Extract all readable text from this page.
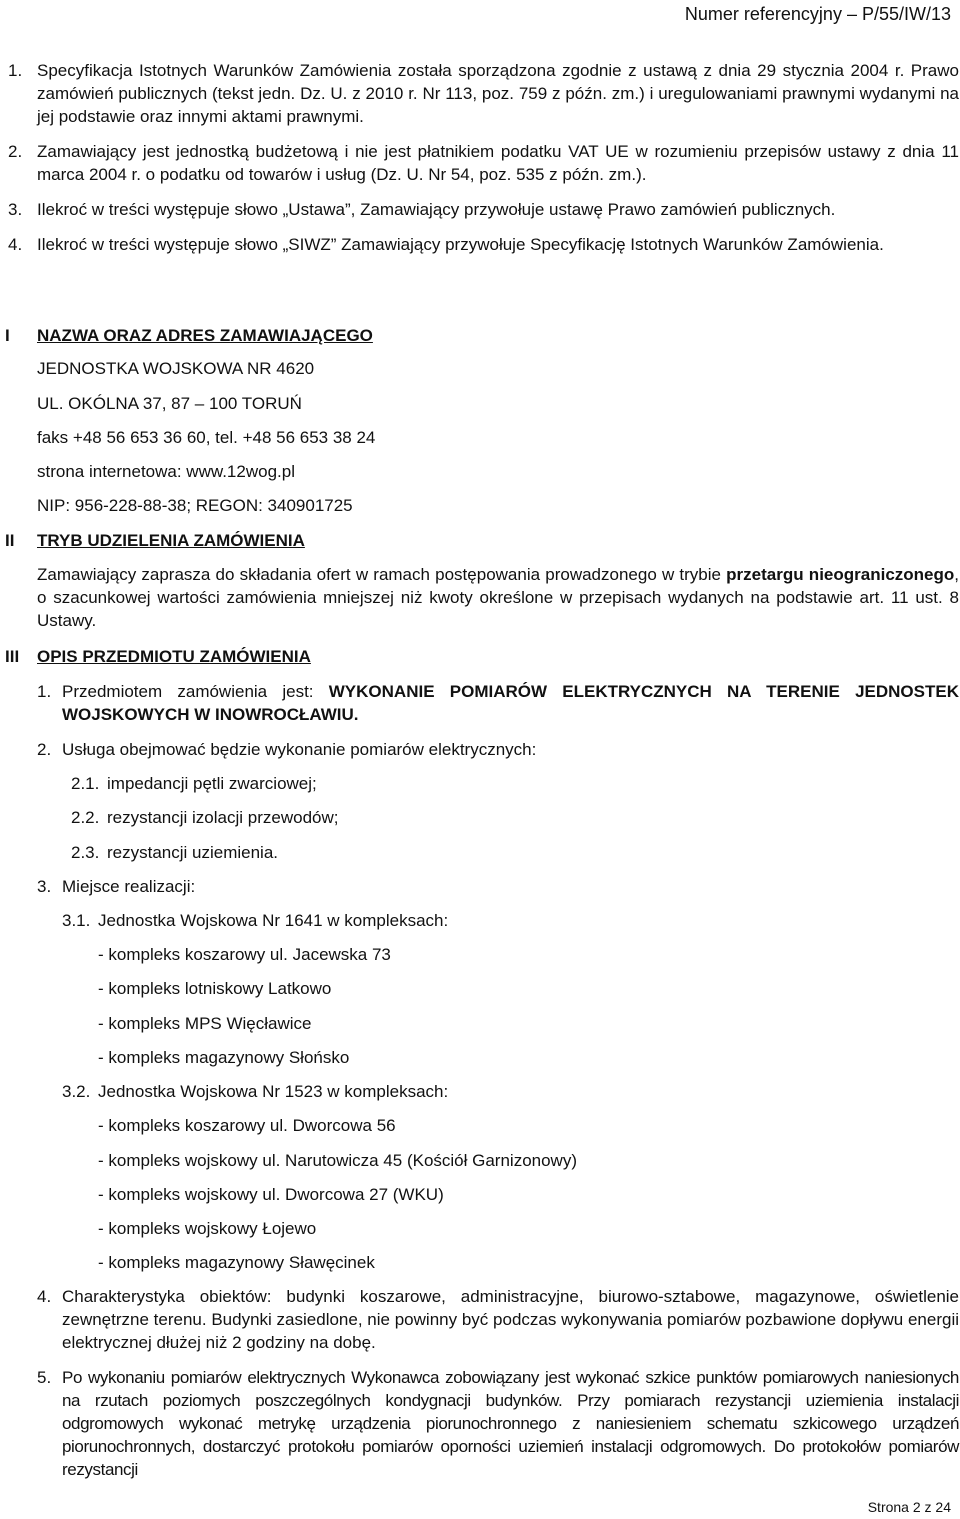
Numer referencyjny – P/55/IW/13
1. Specyfikacja Istotnych Warunków Zamówienia została sporządzona zgodnie z ustawą z dnia 29 stycznia 2004 r. Prawo zamówień publicznych (tekst jedn. Dz. U. z 2010 r. Nr 113, poz. 759 z późn. zm.) i uregulowaniami prawnymi wydanymi na jej podstawie oraz innymi aktami prawnymi.
2. Zamawiający jest jednostką budżetową i nie jest płatnikiem podatku VAT UE w rozumieniu przepisów ustawy z dnia 11 marca 2004 r. o podatku od towarów i usług (Dz. U. Nr 54, poz. 535 z późn. zm.).
3. Ilekroć w treści występuje słowo „Ustawa”, Zamawiający przywołuje ustawę Prawo zamówień publicznych.
4. Ilekroć w treści występuje słowo „SIWZ” Zamawiający przywołuje Specyfikację Istotnych Warunków Zamówienia.
I NAZWA ORAZ ADRES ZAMAWIAJĄCEGO
JEDNOSTKA WOJSKOWA NR 4620
UL. OKÓLNA 37, 87 – 100 TORUŃ
faks +48 56 653 36 60, tel. +48 56 653 38 24
strona internetowa: www.12wog.pl
NIP: 956-228-88-38; REGON: 340901725
II TRYB UDZIELENIA ZAMÓWIENIA
Zamawiający zaprasza do składania ofert w ramach postępowania prowadzonego w trybie przetargu nieograniczonego, o szacunkowej wartości zamówienia mniejszej niż kwoty określone w przepisach wydanych na podstawie art. 11 ust. 8 Ustawy.
III OPIS PRZEDMIOTU ZAMÓWIENIA
1. Przedmiotem zamówienia jest: WYKONANIE POMIARÓW ELEKTRYCZNYCH NA TERENIE JEDNOSTEK WOJSKOWYCH W INOWROCŁAWIU.
2. Usługa obejmować będzie wykonanie pomiarów elektrycznych:
2.1. impedancji pętli zwarciowej;
2.2. rezystancji izolacji przewodów;
2.3. rezystancji uziemienia.
3. Miejsce realizacji:
3.1. Jednostka Wojskowa Nr 1641 w kompleksach:
- kompleks koszarowy ul. Jacewska 73
- kompleks lotniskowy Latkowo
- kompleks MPS Więcławice
- kompleks magazynowy Słońsko
3.2. Jednostka Wojskowa Nr 1523 w kompleksach:
- kompleks koszarowy ul. Dworcowa 56
- kompleks wojskowy ul. Narutowicza 45 (Kościół Garnizonowy)
- kompleks wojskowy ul. Dworcowa 27 (WKU)
- kompleks wojskowy Łojewo
- kompleks magazynowy Sławęcinek
4. Charakterystyka obiektów: budynki koszarowe, administracyjne, biurowo-sztabowe, magazynowe, oświetlenie zewnętrzne terenu. Budynki zasiedlone, nie powinny być podczas wykonywania pomiarów pozbawione dopływu energii elektrycznej dłużej niż 2 godziny na dobę.
5. Po wykonaniu pomiarów elektrycznych Wykonawca zobowiązany jest wykonać szkice punktów pomiarowych naniesionych na rzutach poziomych poszczególnych kondygnacji budynków. Przy pomiarach rezystancji uziemienia instalacji odgromowych wykonać metrykę urządzenia piorunochronnego z naniesieniem schematu szkicowego urządzeń piorunochronnych, dostarczyć protokołu pomiarów oporności uziemień instalacji odgromowych. Do protokołów pomiarów rezystancji
Strona 2 z 24
